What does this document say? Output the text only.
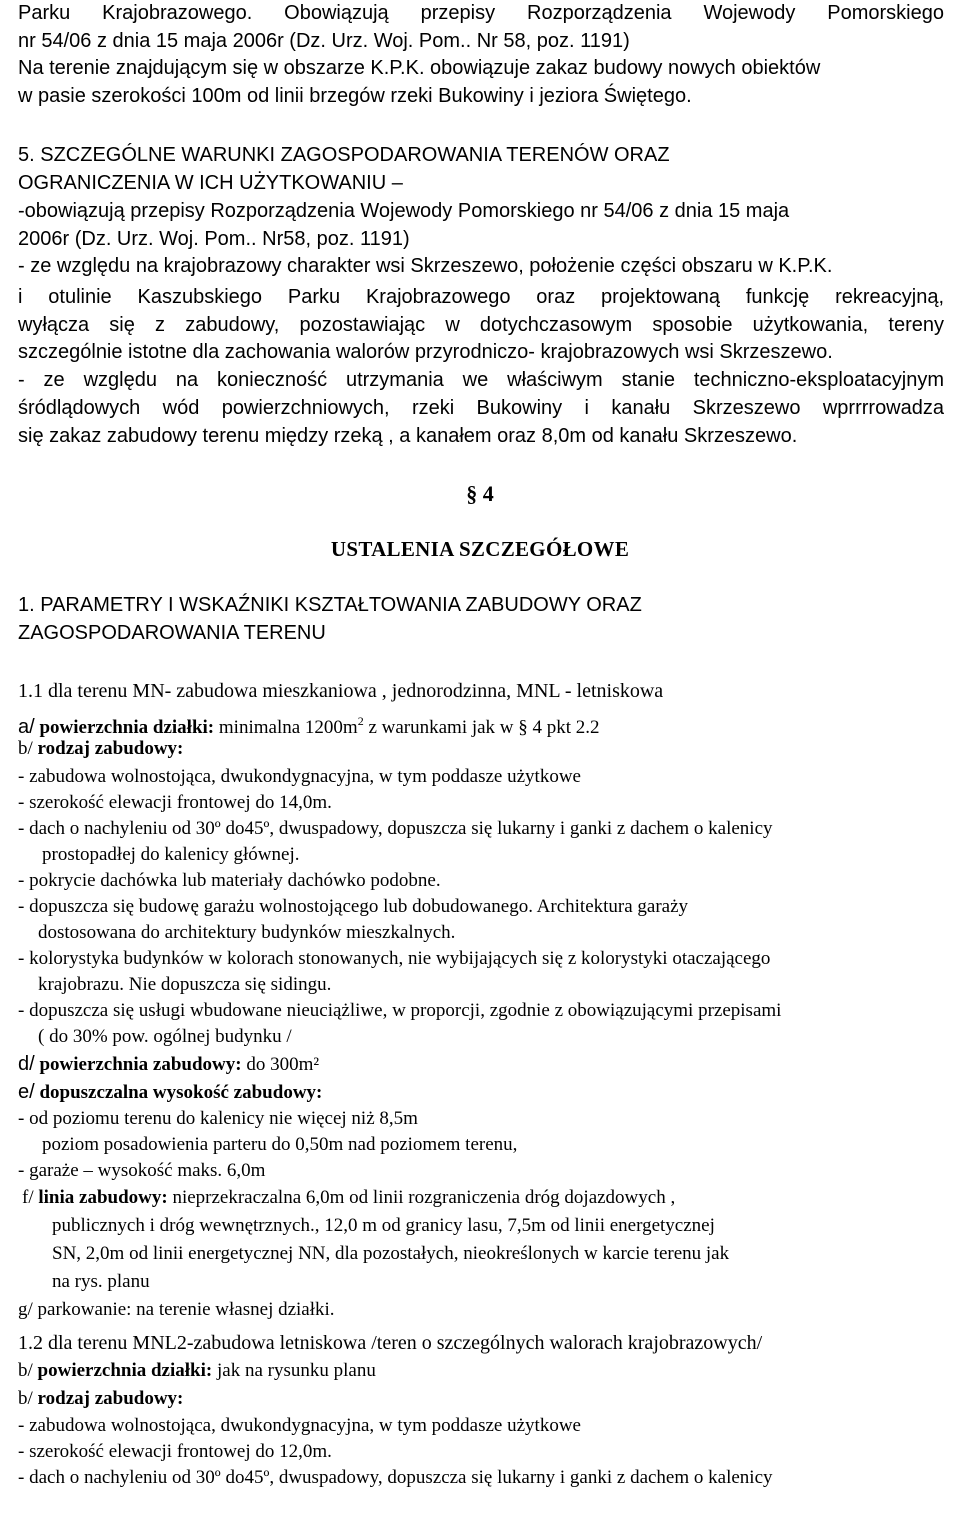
Parku Krajobrazowego. Obowiązują przepisy Rozporządzenia Wojewody Pomorskiego
nr 54/06 z dnia 15 maja 2006r (Dz. Urz. Woj. Pom.. Nr 58, poz. 1191)
Na terenie znajdującym się w obszarze K.P.K. obowiązuje zakaz budowy nowych obiektów
w pasie szerokości 100m od linii brzegów rzeki Bukowiny i jeziora Świętego.
5. SZCZEGÓLNE WARUNKI ZAGOSPODAROWANIA TERENÓW ORAZ
OGRANICZENIA W ICH UŻYTKOWANIU –
-obowiązują przepisy Rozporządzenia Wojewody Pomorskiego nr 54/06 z dnia 15 maja
2006r (Dz. Urz. Woj. Pom.. Nr58, poz. 1191)
- ze względu na krajobrazowy charakter wsi Skrzeszewo, położenie części obszaru w K.P.K.
i otulinie Kaszubskiego Parku Krajobrazowego oraz projektowaną funkcję rekreacyjną,
wyłącza się z zabudowy, pozostawiając w dotychczasowym sposobie użytkowania, tereny
szczególnie istotne dla zachowania walorów przyrodniczo- krajobrazowych wsi Skrzeszewo.
- ze względu na konieczność utrzymania we właściwym stanie techniczno-eksploatacyjnym
śródlądowych wód powierzchniowych, rzeki Bukowiny i kanału Skrzeszewo wprrrrowadza
się zakaz zabudowy terenu między rzeką , a kanałem oraz 8,0m od kanału Skrzeszewo.
§ 4
USTALENIA SZCZEGÓŁOWE
1. PARAMETRY I WSKAŹNIKI KSZTAŁTOWANIA ZABUDOWY ORAZ
ZAGOSPODAROWANIA TERENU
1.1 dla terenu MN- zabudowa mieszkaniowa , jednorodzinna, MNL - letniskowa
a/ powierzchnia działki: minimalna $1200m^2$ z warunkami jak w § 4 pkt 2.2
b/ rodzaj zabudowy:
- zabudowa wolnostojąca, dwukondygnacyjna, w tym poddasze użytkowe
- szerokość elewacji frontowej do 14,0m.
- dach o nachyleniu od 30º do45º, dwuspadowy, dopuszcza się lukarny i ganki z dachem o kalenicy
prostopadłej do kalenicy głównej.
- pokrycie dachówka lub materiały dachówko podobne.
- dopuszcza się budowę garażu wolnostojącego lub dobudowanego. Architektura garaży
dostosowana do architektury budynków mieszkalnych.
- kolorystyka budynków w kolorach stonowanych, nie wybijających się z kolorystyki otaczającego
krajobrazu. Nie dopuszcza się sidingu.
- dopuszcza się usługi wbudowane nieuciążliwe, w proporcji, zgodnie z obowiązującymi przepisami
( do 30% pow. ogólnej budynku /
d/ powierzchnia zabudowy: do 300m²
e/ dopuszczalna wysokość zabudowy:
- od poziomu terenu do kalenicy nie więcej niż 8,5m
poziom posadowienia parteru do 0,50m nad poziomem terenu,
- garaże – wysokość maks. 6,0m
f/ linia zabudowy: nieprzekraczalna 6,0m od linii rozgraniczenia dróg dojazdowych ,
publicznych i dróg wewnętrznych., 12,0 m od granicy lasu, 7,5m od linii energetycznej
SN, 2,0m od linii energetycznej NN, dla pozostałych, nieokreślonych w karcie terenu jak
na rys. planu
g/ parkowanie: na terenie własnej działki.
1.2 dla terenu MNL2-zabudowa letniskowa /teren o szczególnych walorach krajobrazowych/
b/ powierzchnia działki: jak na rysunku planu
b/ rodzaj zabudowy:
- zabudowa wolnostojąca, dwukondygnacyjna, w tym poddasze użytkowe
- szerokość elewacji frontowej do 12,0m.
- dach o nachyleniu od 30º do45º, dwuspadowy, dopuszcza się lukarny i ganki z dachem o kalenicy
